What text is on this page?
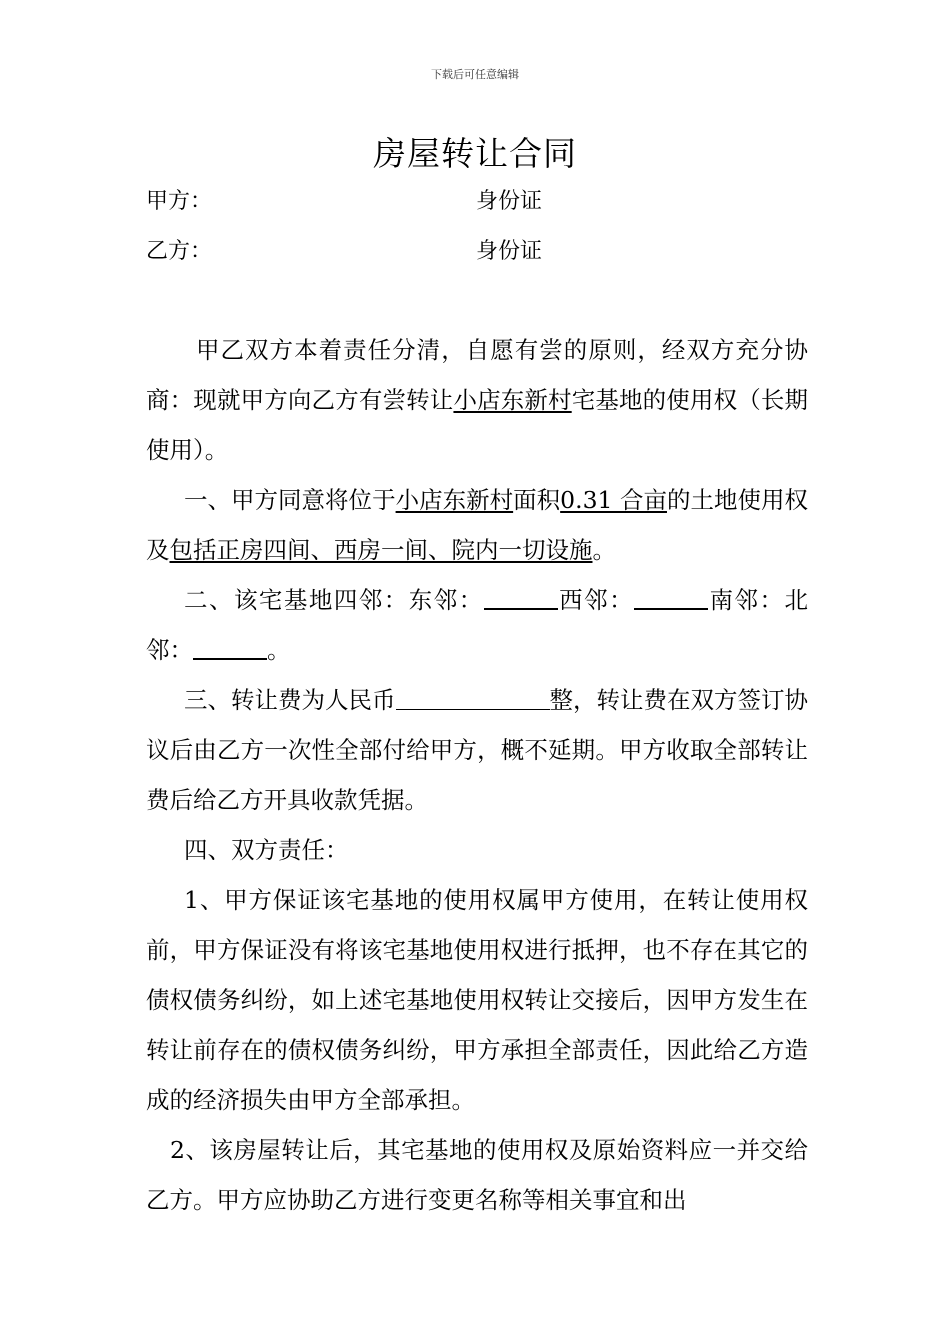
下载后可任意编辑
房屋转让合同
甲方：	身份证
乙方：	身份证

甲乙双方本着责任分清，自愿有尝的原则，经双方充分协商：现就甲方向乙方有尝转让小店东新村宅基地的使用权（长期使用）。

一、甲方同意将位于小店东新村面积0.31 合亩的土地使用权及包括正房四间、西房一间、院内一切设施。

二、该宅基地四邻：东邻：	西邻：	南邻：北邻：	。

三、转让费为人民币	整，转让费在双方签订协议后由乙方一次性全部付给甲方，概不延期。甲方收取全部转让费后给乙方开具收款凭据。

四、双方责任：

1、甲方保证该宅基地的使用权属甲方使用，在转让使用权前，甲方保证没有将该宅基地使用权进行抵押，也不存在其它的债权债务纠纷，如上述宅基地使用权转让交接后，因甲方发生在转让前存在的债权债务纠纷，甲方承担全部责任，因此给乙方造成的经济损失由甲方全部承担。

2、该房屋转让后，其宅基地的使用权及原始资料应一并交给乙方。甲方应协助乙方进行变更名称等相关事宜和出
